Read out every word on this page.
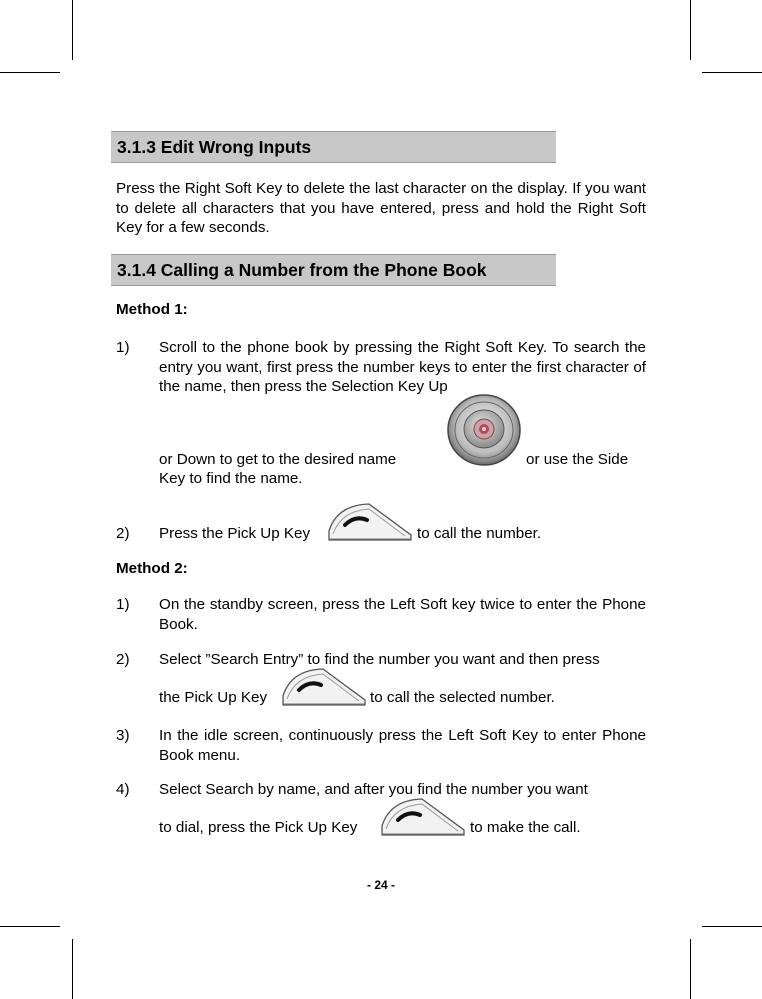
3.1.3 Edit Wrong Inputs
Press the Right Soft Key to delete the last character on the display. If you want to delete all characters that you have entered, press and hold the Right Soft Key for a few seconds.
3.1.4 Calling a Number from the Phone Book
Method 1:
1) Scroll to the phone book by pressing the Right Soft Key. To search the entry you want, first press the number keys to enter the first character of the name, then press the Selection Key Up
or Down to get to the desired name	or use the Side
Key to find the name.
2) Press the Pick Up Key	to call the number.
Method 2:
1) On the standby screen, press the Left Soft key twice to enter the Phone Book.
2) Select ”Search Entry” to find the number you want and then press
the Pick Up Key	to call the selected number.
3) In the idle screen, continuously press the Left Soft Key to enter Phone Book menu.
4) Select Search by name, and after you find the number you want
to dial, press the Pick Up Key	to make the call.
- 24 -
